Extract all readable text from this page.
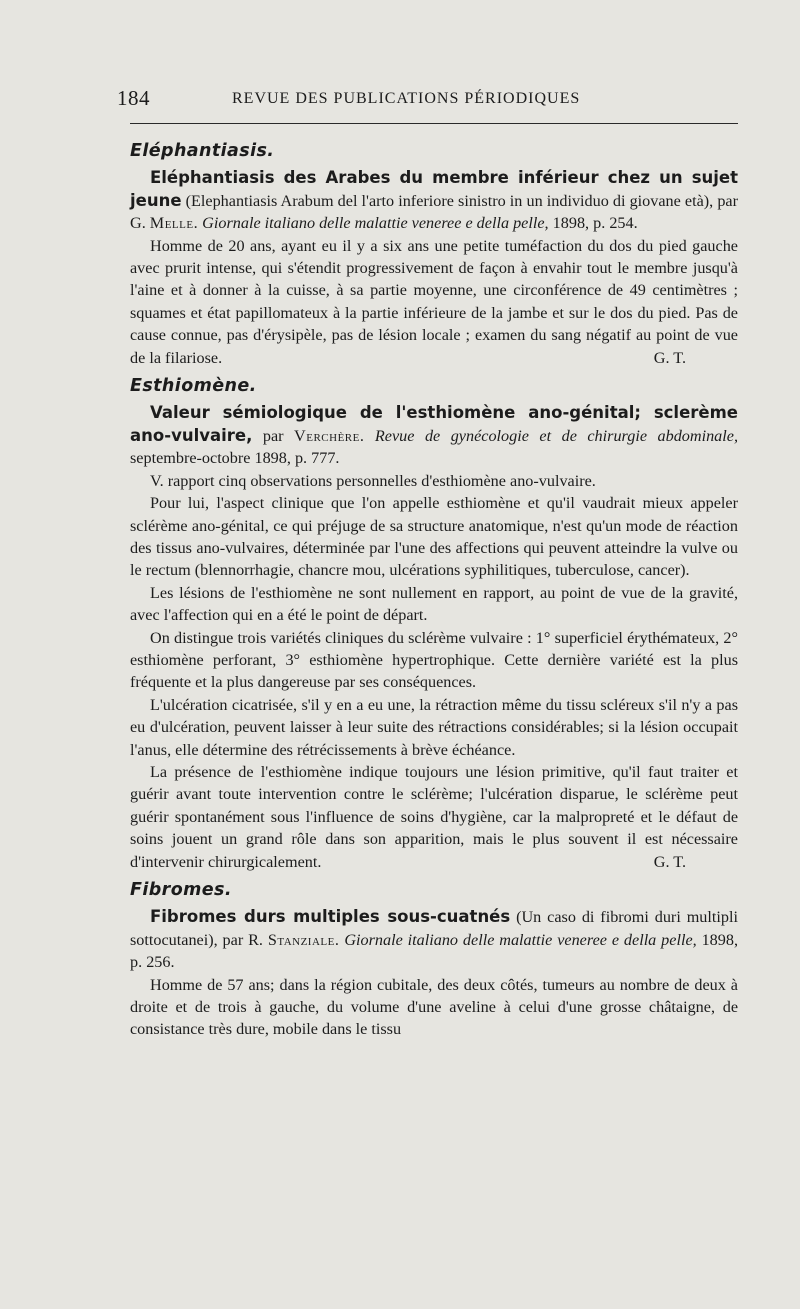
184	REVUE DES PUBLICATIONS PÉRIODIQUES
Eléphantiasis.

Eléphantiasis des Arabes du membre inférieur chez un sujet jeune (Elephantiasis Arabum del l'arto inferiore sinistro in un individuo di giovane età), par G. Melle. Giornale italiano delle malattie veneree e della pelle, 1898, p. 254.

Homme de 20 ans, ayant eu il y a six ans une petite tuméfaction du dos du pied gauche avec prurit intense, qui s'étendit progressivement de façon à envahir tout le membre jusqu'à l'aine et à donner à la cuisse, à sa partie moyenne, une circonférence de 49 centimètres ; squames et état papillomateux à la partie inférieure de la jambe et sur le dos du pied. Pas de cause connue, pas d'érysipèle, pas de lésion locale ; examen du sang négatif au point de vue de la filariose.	G. T.

Esthiomène.

Valeur sémiologique de l'esthiomène ano-génital; sclerème ano-vulvaire, par Verchère. Revue de gynécologie et de chirurgie abdominale, septembre-octobre 1898, p. 777.

V. rapport cinq observations personnelles d'esthiomène ano-vulvaire.

Pour lui, l'aspect clinique que l'on appelle esthiomène et qu'il vaudrait mieux appeler sclérème ano-génital, ce qui préjuge de sa structure anatomique, n'est qu'un mode de réaction des tissus ano-vulvaires, déterminée par l'une des affections qui peuvent atteindre la vulve ou le rectum (blennorrhagie, chancre mou, ulcérations syphilitiques, tuberculose, cancer).

Les lésions de l'esthiomène ne sont nullement en rapport, au point de vue de la gravité, avec l'affection qui en a été le point de départ.

On distingue trois variétés cliniques du sclérème vulvaire : 1° superficiel érythémateux, 2° esthiomène perforant, 3° esthiomène hypertrophique. Cette dernière variété est la plus fréquente et la plus dangereuse par ses conséquences.

L'ulcération cicatrisée, s'il y en a eu une, la rétraction même du tissu scléreux s'il n'y a pas eu d'ulcération, peuvent laisser à leur suite des rétractions considérables; si la lésion occupait l'anus, elle détermine des rétrécissements à brève échéance.

La présence de l'esthiomène indique toujours une lésion primitive, qu'il faut traiter et guérir avant toute intervention contre le sclérème; l'ulcération disparue, le sclérème peut guérir spontanément sous l'influence de soins d'hygiène, car la malpropreté et le défaut de soins jouent un grand rôle dans son apparition, mais le plus souvent il est nécessaire d'intervenir chirurgicalement.	G. T.

Fibromes.

Fibromes durs multiples sous-cuatnés (Un caso di fibromi duri multipli sottocutanei), par R. Stanziale. Giornale italiano delle malattie veneree e della pelle, 1898, p. 256.

Homme de 57 ans; dans la région cubitale, des deux côtés, tumeurs au nombre de deux à droite et de trois à gauche, du volume d'une aveline à celui d'une grosse châtaigne, de consistance très dure, mobile dans le tissu
